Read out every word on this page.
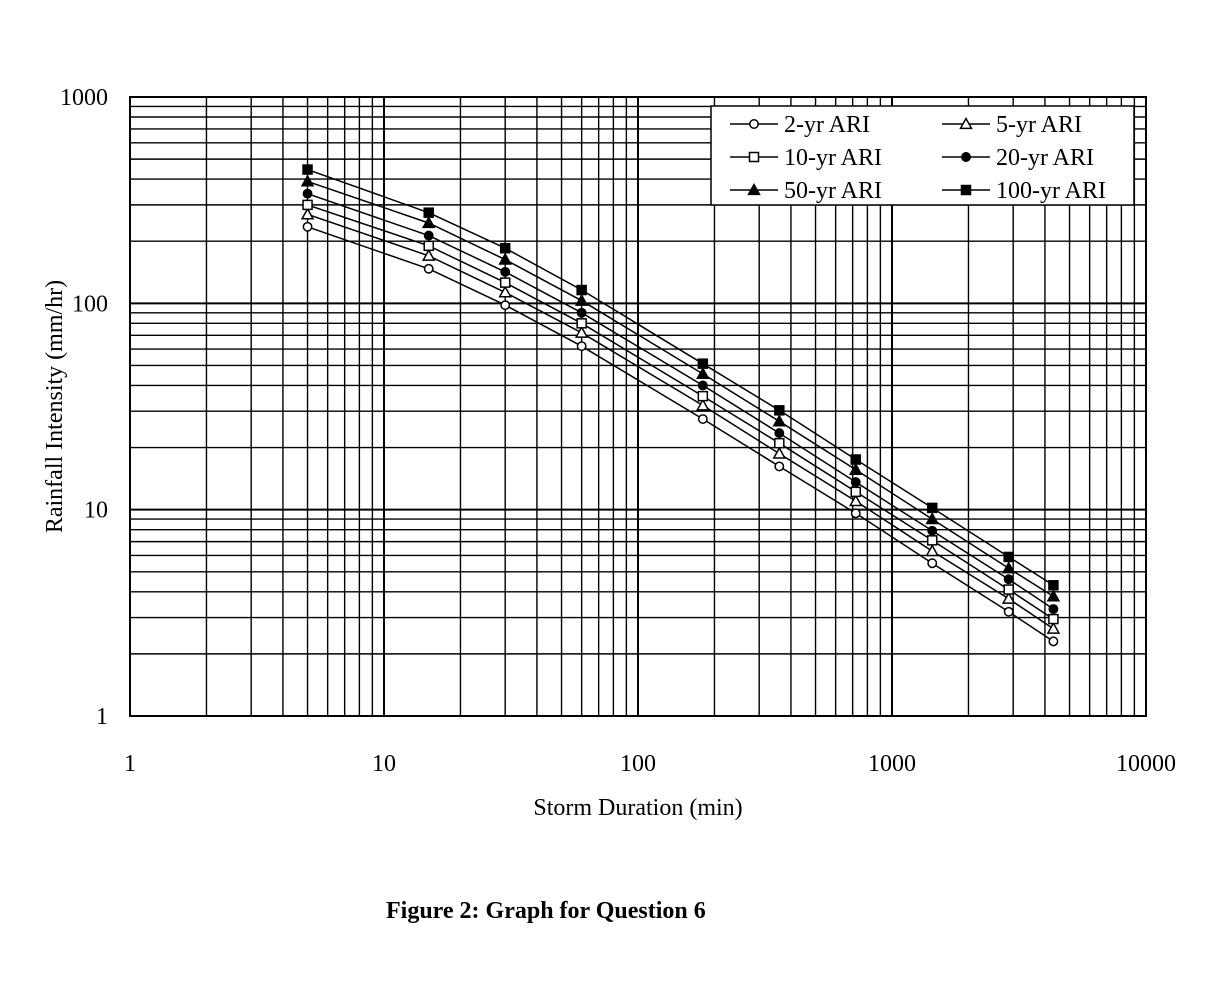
1	10	100	1000	10000
1
10
100
1000
Storm Duration (min)
Rainfall Intensity (mm/hr)
2-yr ARI	5-yr ARI
10-yr ARI	20-yr ARI
50-yr ARI	100-yr ARI
Figure 2: Graph for Question 6
